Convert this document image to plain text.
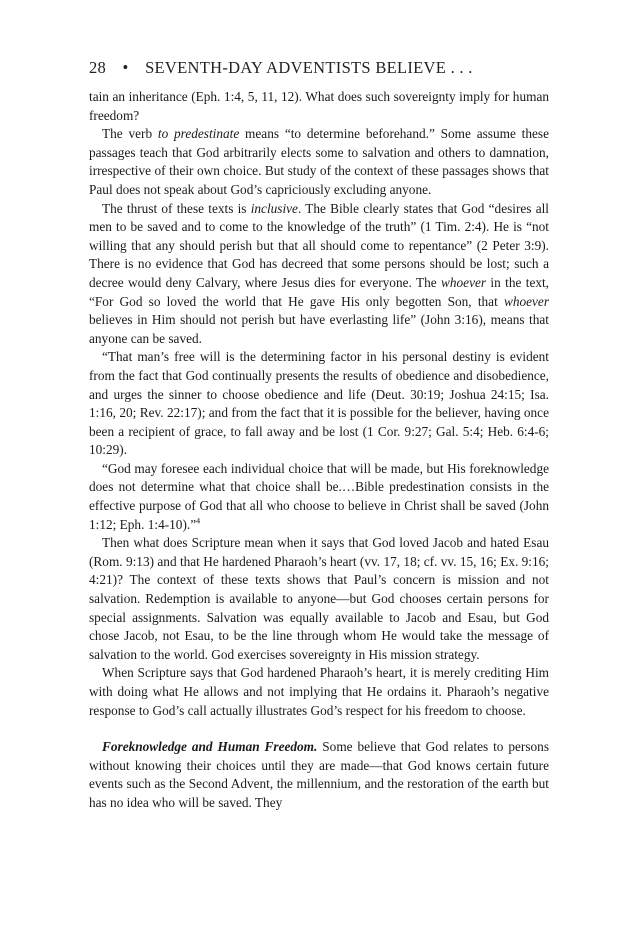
28 • SEVENTH-DAY ADVENTISTS BELIEVE . . .

tain an inheritance (Eph. 1:4, 5, 11, 12). What does such sovereignty imply for human freedom?

The verb to predestinate means “to determine beforehand.” Some assume these passages teach that God arbitrarily elects some to salvation and others to damnation, irrespective of their own choice. But study of the context of these passages shows that Paul does not speak about God’s capriciously excluding anyone.

The thrust of these texts is inclusive. The Bible clearly states that God “desires all men to be saved and to come to the knowledge of the truth” (1 Tim. 2:4). He is “not willing that any should perish but that all should come to repentance” (2 Peter 3:9). There is no evidence that God has decreed that some persons should be lost; such a decree would deny Calvary, where Jesus dies for everyone. The whoever in the text, “For God so loved the world that He gave His only begotten Son, that whoever believes in Him should not perish but have everlasting life” (John 3:16), means that anyone can be saved.

“That man’s free will is the determining factor in his personal destiny is evident from the fact that God continually presents the results of obedience and disobedience, and urges the sinner to choose obedience and life (Deut. 30:19; Joshua 24:15; Isa. 1:16, 20; Rev. 22:17); and from the fact that it is possible for the believer, having once been a recipient of grace, to fall away and be lost (1 Cor. 9:27; Gal. 5:4; Heb. 6:4-6; 10:29).

“God may foresee each individual choice that will be made, but His foreknowledge does not determine what that choice shall be.…Bible predestination consists in the effective purpose of God that all who choose to believe in Christ shall be saved (John 1:12; Eph. 1:4-10).”$^4$

Then what does Scripture mean when it says that God loved Jacob and hated Esau (Rom. 9:13) and that He hardened Pharaoh’s heart (vv. 17, 18; cf. vv. 15, 16; Ex. 9:16; 4:21)? The context of these texts shows that Paul’s concern is mission and not salvation. Redemption is available to anyone—but God chooses certain persons for special assignments. Salvation was equally available to Jacob and Esau, but God chose Jacob, not Esau, to be the line through whom He would take the message of salvation to the world. God exercises sovereignty in His mission strategy.

When Scripture says that God hardened Pharaoh’s heart, it is merely crediting Him with doing what He allows and not implying that He ordains it. Pharaoh’s negative response to God’s call actually illustrates God’s respect for his freedom to choose.

Foreknowledge and Human Freedom. Some believe that God relates to persons without knowing their choices until they are made—that God knows certain future events such as the Second Advent, the millennium, and the restoration of the earth but has no idea who will be saved. They
